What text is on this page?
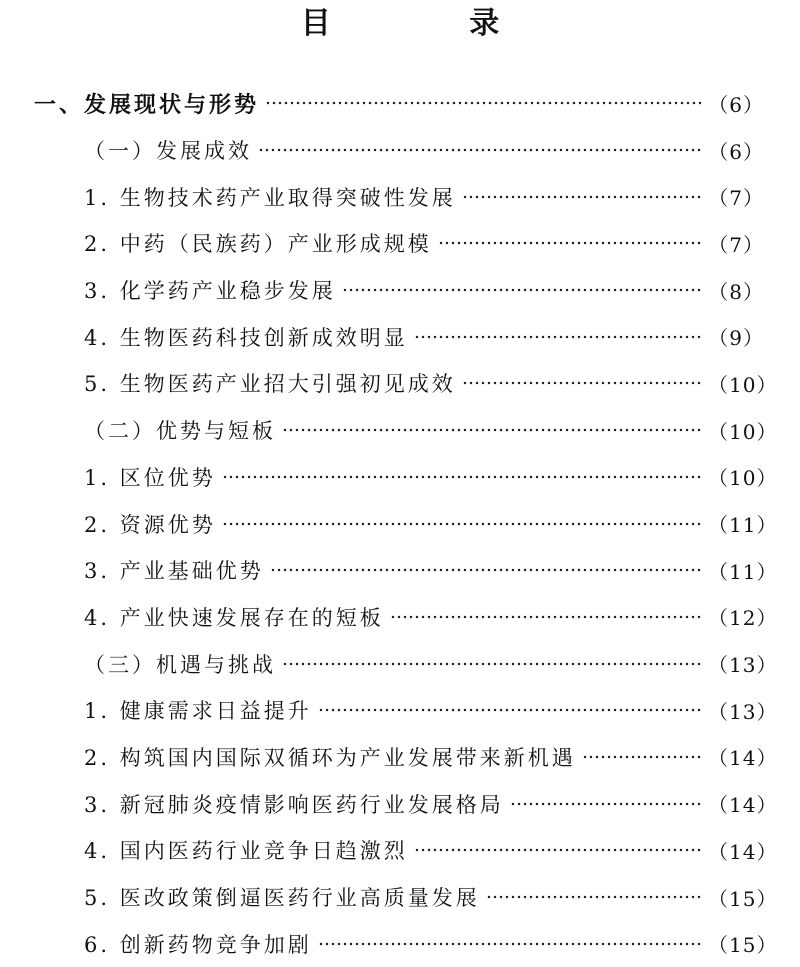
目 录
一、发展现状与形势	（6）
（一）发展成效	（6）
1. 生物技术药产业取得突破性发展	（7）
2. 中药（民族药）产业形成规模	（7）
3. 化学药产业稳步发展	（8）
4. 生物医药科技创新成效明显	（9）
5. 生物医药产业招大引强初见成效	（10）
（二）优势与短板	（10）
1. 区位优势	（10）
2. 资源优势	（11）
3. 产业基础优势	（11）
4. 产业快速发展存在的短板	（12）
（三）机遇与挑战	（13）
1. 健康需求日益提升	（13）
2. 构筑国内国际双循环为产业发展带来新机遇	（14）
3. 新冠肺炎疫情影响医药行业发展格局	（14）
4. 国内医药行业竞争日趋激烈	（14）
5. 医改政策倒逼医药行业高质量发展	（15）
6. 创新药物竞争加剧	（15）
